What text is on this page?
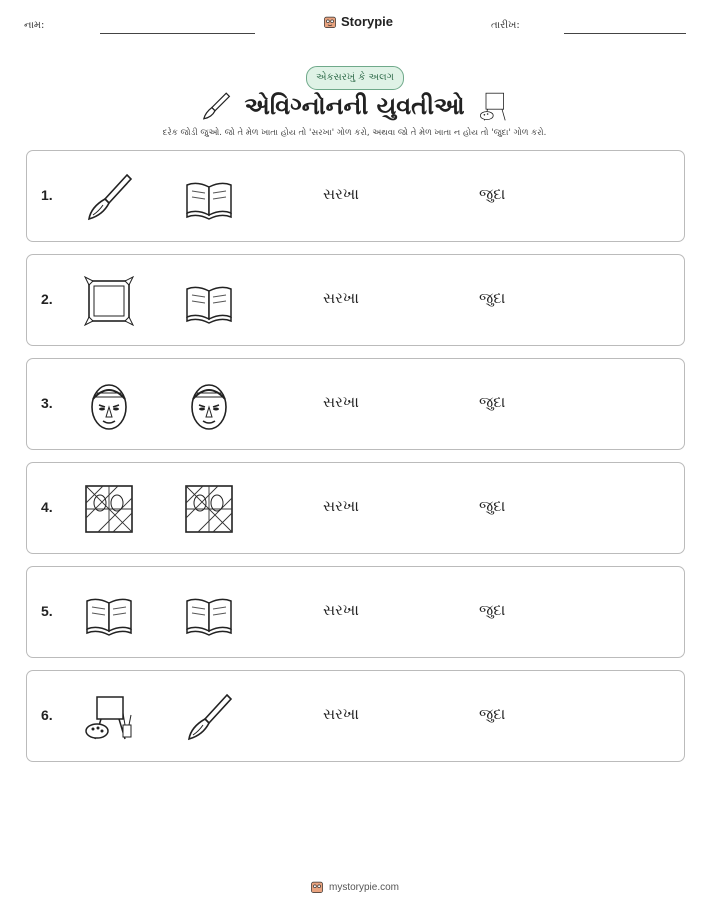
નામ:	Storypie	તારીખ:
એકસરખું કે અલગ
એવિગ્નોનની યુવતીઓ
દરેક જોડી જુઓ. જો તે મેળ ખાતા હોય તો 'સરખા' ગોળ કરો, અથવા જો તે મેળ ખાતા ન હોય તો 'જુદા' ગોળ કરો.
1.	સરખા	જુદા
2.	સરખા	જુદા
3.	સરખા	જુદા
4.	સરખા	જુદા
5.	સરખા	જુદા
6.	સરખા	જુદા
mystorypie.com
